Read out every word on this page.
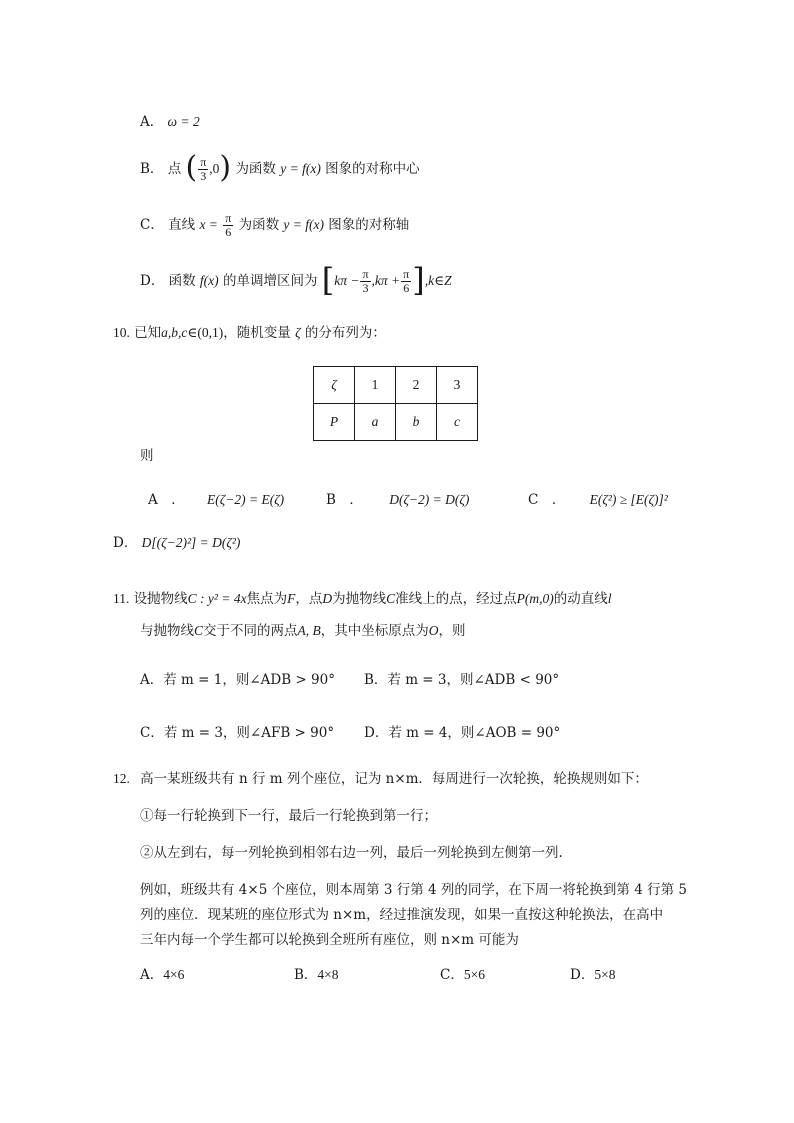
A． ω = 2
B． 点 ( $\frac{\pi}{3} ,0$) 为函数 y = f(x) 图象的对称中心
C． 直线 $x = \frac{\pi}{6}$ 为函数 y = f(x) 图象的对称轴
D． 函数 f(x) 的单调增区间为 [$k\pi - \frac{\pi}{3} ,k\pi + \frac{\pi}{6}$ ],k∈Z
10. 已知a,b,c∈(0,1)，随机变量 ζ 的分布列为：
ζ	1	2	3
P	a	b	c
则
A　． E(ζ−2) = E(ζ)	B　． D(ζ−2) = D(ζ)	C　． E(ζ²) ≥ [E(ζ)]²
D． D[(ζ−2)²] = D(ζ²)
11. 设抛物线C : y² = 4x焦点为F，点D为抛物线C准线上的点，经过点P(m,0)的动直线l
与抛物线C交于不同的两点A, B，其中坐标原点为O，则
A．若 m = 1，则∠ADB > 90° B．若 m = 3，则∠ADB < 90°
C．若 m = 3，则∠AFB > 90° D．若 m = 4，则∠AOB = 90°
12. 高一某班级共有 n 行 m 列个座位，记为 n×m．每周进行一次轮换，轮换规则如下：
①每一行轮换到下一行，最后一行轮换到第一行；
②从左到右，每一列轮换到相邻右边一列，最后一列轮换到左侧第一列.
例如，班级共有 4×5 个座位，则本周第 3 行第 4 列的同学，在下周一将轮换到第 4 行第 5
列的座位．现某班的座位形式为 n×m，经过推演发现，如果一直按这种轮换法，在高中
三年内每一个学生都可以轮换到全班所有座位，则 n×m 可能为
A．4×6	B．4×8	C．5×6	D．5×8
